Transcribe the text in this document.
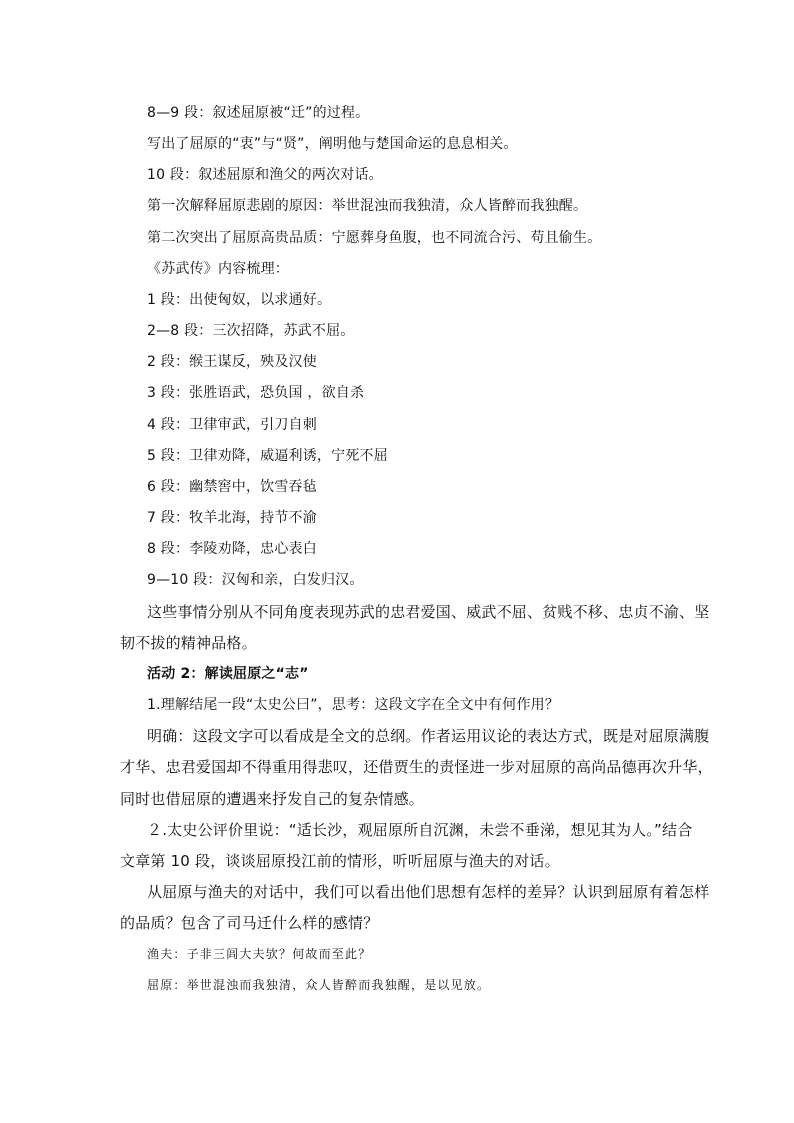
8—9 段：叙述屈原被“迁”的过程。
写出了屈原的“衷”与“贤”，阐明他与楚国命运的息息相关。
10 段：叙述屈原和渔父的两次对话。
第一次解释屈原悲剧的原因：举世混浊而我独清，众人皆醉而我独醒。
第二次突出了屈原高贵品质：宁愿葬身鱼腹，也不同流合污、苟且偷生。
《苏武传》内容梳理：
1 段：出使匈奴，以求通好。
2—8 段：三次招降，苏武不屈。
2 段：缑王谋反，殃及汉使
3 段：张胜语武，恐负国 ，欲自杀
4 段：卫律审武，引刀自刺
5 段：卫律劝降，威逼利诱，宁死不屈
6 段：幽禁窖中，饮雪吞毡
7 段：牧羊北海，持节不渝
8 段：李陵劝降，忠心表白
9—10 段：汉匈和亲，白发归汉。
这些事情分别从不同角度表现苏武的忠君爱国、威武不屈、贫贱不移、忠贞不渝、坚
韧不拔的精神品格。
活动 2：解读屈原之“志”
1.理解结尾一段“太史公曰”，思考：这段文字在全文中有何作用？
明确：这段文字可以看成是全文的总纲。作者运用议论的表达方式，既是对屈原满腹
才华、忠君爱国却不得重用得悲叹，还借贾生的责怪进一步对屈原的高尚品德再次升华，
同时也借屈原的遭遇来抒发自己的复杂情感。
２.太史公评价里说：“适长沙，观屈原所自沉渊，未尝不垂涕，想见其为人。”结合
文章第 10 段，谈谈屈原投江前的情形，听听屈原与渔夫的对话。
从屈原与渔夫的对话中，我们可以看出他们思想有怎样的差异？认识到屈原有着怎样
的品质？包含了司马迁什么样的感情？
渔夫：子非三闾大夫欤？何故而至此？
屈原：举世混浊而我独清，众人皆醉而我独醒，是以见放。
